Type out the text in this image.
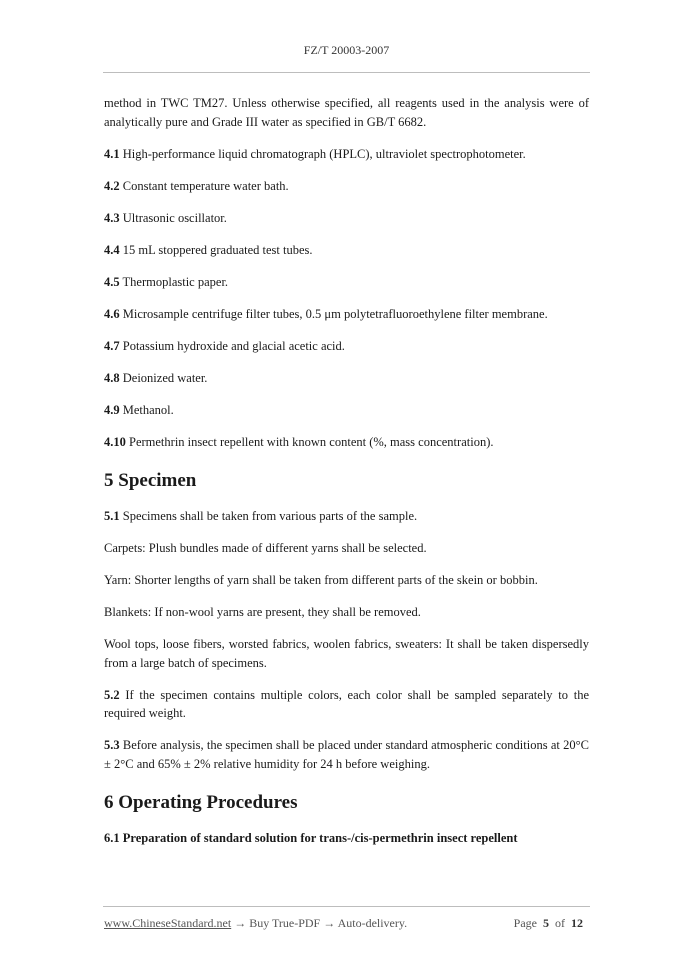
FZ/T 20003-2007

method in TWC TM27. Unless otherwise specified, all reagents used in the analysis were of analytically pure and Grade III water as specified in GB/T 6682.

4.1 High-performance liquid chromatograph (HPLC), ultraviolet spectrophotometer.

4.2 Constant temperature water bath.

4.3 Ultrasonic oscillator.

4.4 15 mL stoppered graduated test tubes.

4.5 Thermoplastic paper.

4.6 Microsample centrifuge filter tubes, 0.5 μm polytetrafluoroethylene filter membrane.

4.7 Potassium hydroxide and glacial acetic acid.

4.8 Deionized water.

4.9 Methanol.

4.10 Permethrin insect repellent with known content (%, mass concentration).

5 Specimen

5.1 Specimens shall be taken from various parts of the sample.

Carpets: Plush bundles made of different yarns shall be selected.

Yarn: Shorter lengths of yarn shall be taken from different parts of the skein or bobbin.

Blankets: If non-wool yarns are present, they shall be removed.

Wool tops, loose fibers, worsted fabrics, woolen fabrics, sweaters: It shall be taken dispersedly from a large batch of specimens.

5.2 If the specimen contains multiple colors, each color shall be sampled separately to the required weight.

5.3 Before analysis, the specimen shall be placed under standard atmospheric conditions at 20°C ± 2°C and 65% ± 2% relative humidity for 24 h before weighing.

6 Operating Procedures

6.1 Preparation of standard solution for trans-/cis-permethrin insect repellent

www.ChineseStandard.net → Buy True-PDF → Auto-delivery.	Page 5 of 12
